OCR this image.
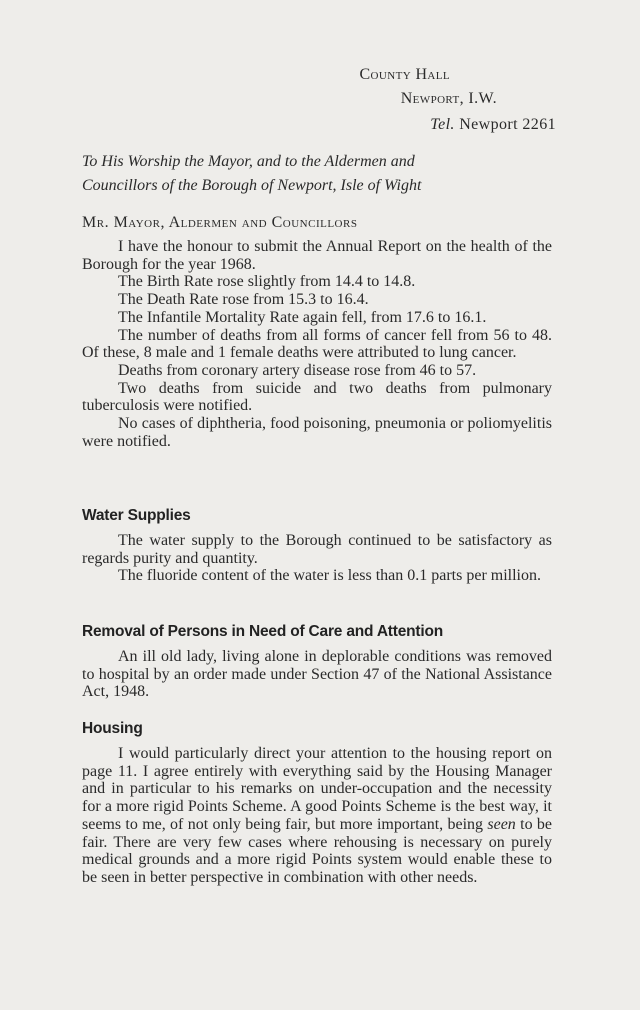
County Hall
Newport, I.W.
Tel. Newport 2261
To His Worship the Mayor, and to the Aldermen and
Councillors of the Borough of Newport, Isle of Wight
Mr. Mayor, Aldermen and Councillors

I have the honour to submit the Annual Report on the health of the Borough for the year 1968.

The Birth Rate rose slightly from 14.4 to 14.8.

The Death Rate rose from 15.3 to 16.4.

The Infantile Mortality Rate again fell, from 17.6 to 16.1.

The number of deaths from all forms of cancer fell from 56 to 48. Of these, 8 male and 1 female deaths were attributed to lung cancer.

Deaths from coronary artery disease rose from 46 to 57.

Two deaths from suicide and two deaths from pulmonary tuberculosis were notified.

No cases of diphtheria, food poisoning, pneumonia or poliomyelitis were notified.

Water Supplies

The water supply to the Borough continued to be satisfactory as regards purity and quantity.

The fluoride content of the water is less than 0.1 parts per million.

Removal of Persons in Need of Care and Attention

An ill old lady, living alone in deplorable conditions was removed to hospital by an order made under Section 47 of the National Assistance Act, 1948.

Housing

I would particularly direct your attention to the housing report on page 11. I agree entirely with everything said by the Housing Manager and in particular to his remarks on under-occupation and the necessity for a more rigid Points Scheme. A good Points Scheme is the best way, it seems to me, of not only being fair, but more important, being seen to be fair. There are very few cases where rehousing is necessary on purely medical grounds and a more rigid Points system would enable these to be seen in better perspective in combination with other needs.
